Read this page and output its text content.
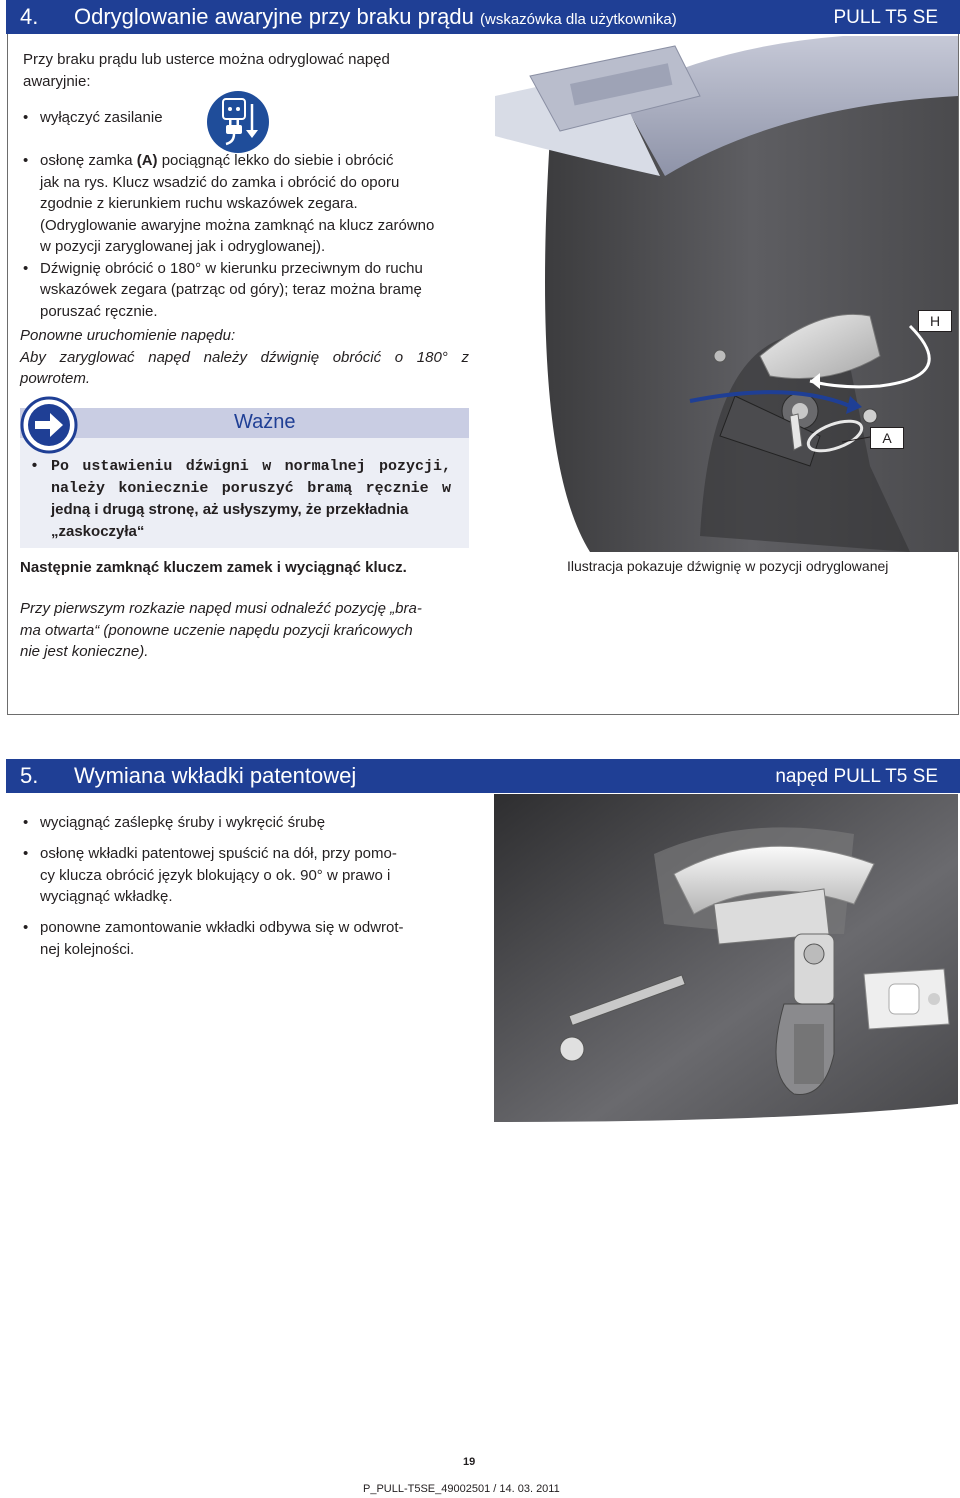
4. Odryglowanie awaryjne przy braku prądu (wskazówka dla użytkownika)	PULL T5 SE
Przy braku prądu lub usterce można odryglować napęd
awaryjnie:
• wyłączyć zasilanie
• osłonę zamka (A) pociągnąć lekko do siebie i obrócić
jak na rys. Klucz wsadzić do zamka i obrócić do oporu
zgodnie z kierunkiem ruchu wskazówek zegara.
(Odryglowanie awaryjne można zamknąć na klucz zarówno
w pozycji zaryglowanej jak i odryglowanej).
• Dźwignię obrócić o 180° w kierunku przeciwnym do ruchu
wskazówek zegara (patrząc od góry); teraz można bramę
poruszać ręcznie.
Ponowne uruchomienie napędu:
Aby zaryglować napęd należy dźwignię obrócić o 180° z
powrotem.
Ważne
• Po ustawieniu dźwigni w normalnej pozycji,
należy koniecznie poruszyć bramą ręcznie w
jedną i drugą stronę, aż usłyszymy, że przekładnia
„zaskoczyła“
Następnie zamknąć kluczem zamek i wyciągnąć klucz.
Przy pierwszym rozkazie napęd musi odnaleźć pozycję „bra-
ma otwarta“ (ponowne uczenie napędu pozycji krańcowych
nie jest konieczne).
H
A
Ilustracja pokazuje dźwignię w pozycji odryglowanej
5. Wymiana wkładki patentowej	napęd PULL T5 SE
• wyciągnąć zaślepkę śruby i wykręcić śrubę
• osłonę wkładki patentowej spuścić na dół, przy pomo-
cy klucza obrócić język blokujący o ok. 90° w prawo i
wyciągnąć wkładkę.
• ponowne zamontowanie wkładki odbywa się w odwrot-
nej kolejności.
19
P_PULL-T5SE_49002501 / 14. 03. 2011
